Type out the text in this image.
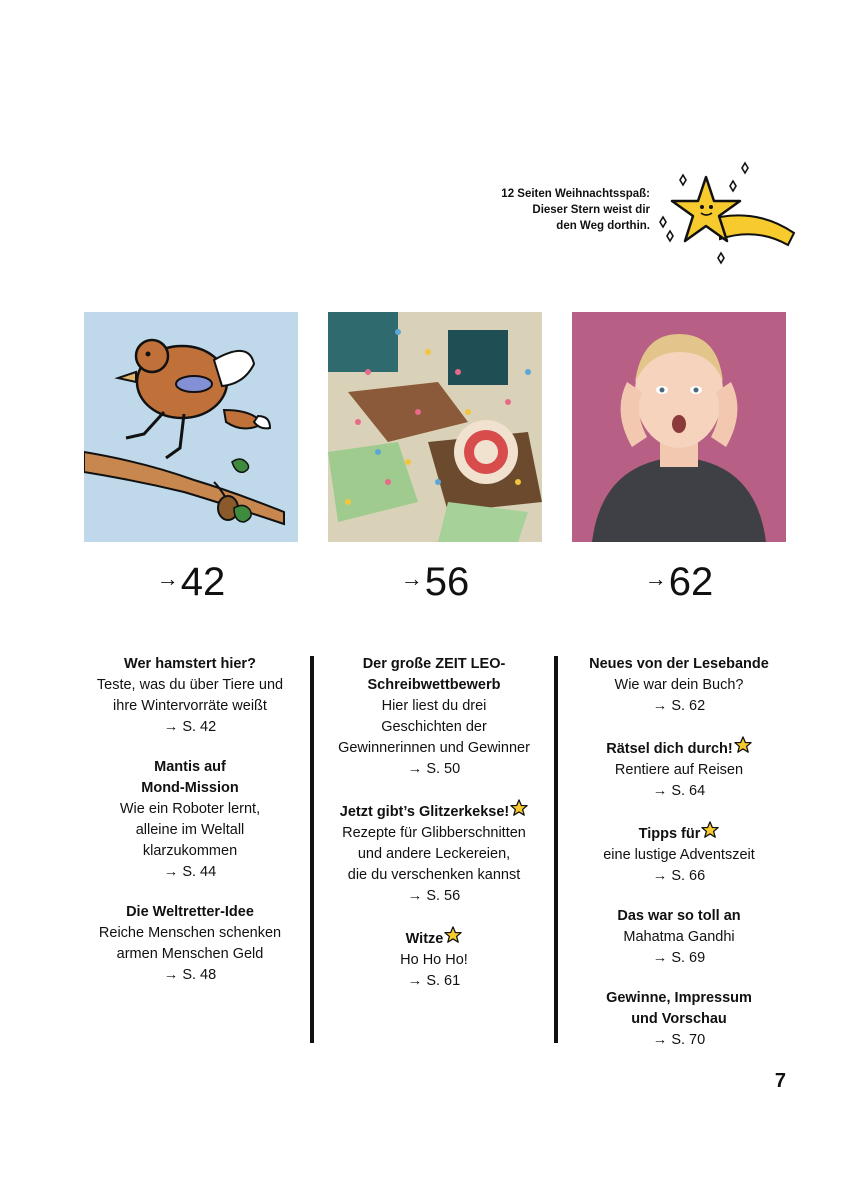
12 Seiten Weihnachtsspaß:
Dieser Stern weist dir
den Weg dorthin.
→42	→56	→62
Wer hamstert hier?
Teste, was du über Tiere und
ihre Wintervorräte weißt
→ S. 42
Mantis auf
Mond-Mission
Wie ein Roboter lernt,
alleine im Weltall
klarzukommen
→ S. 44
Die Weltretter-Idee
Reiche Menschen schenken
armen Menschen Geld
→ S. 48
Der große ZEIT LEO-
Schreibwettbewerb
Hier liest du drei
Geschichten der
Gewinnerinnen und Gewinner
→ S. 50
Jetzt gibt’s Glitzerkekse!
Rezepte für Glibberschnitten
und andere Leckereien,
die du verschenken kannst
→ S. 56
Witze
Ho Ho Ho!
→ S. 61
Neues von der Lesebande
Wie war dein Buch?
→ S. 62
Rätsel dich durch!
Rentiere auf Reisen
→ S. 64
Tipps für
eine lustige Adventszeit
→ S. 66
Das war so toll an
Mahatma Gandhi
→ S. 69
Gewinne, Impressum
und Vorschau
→ S. 70
7
